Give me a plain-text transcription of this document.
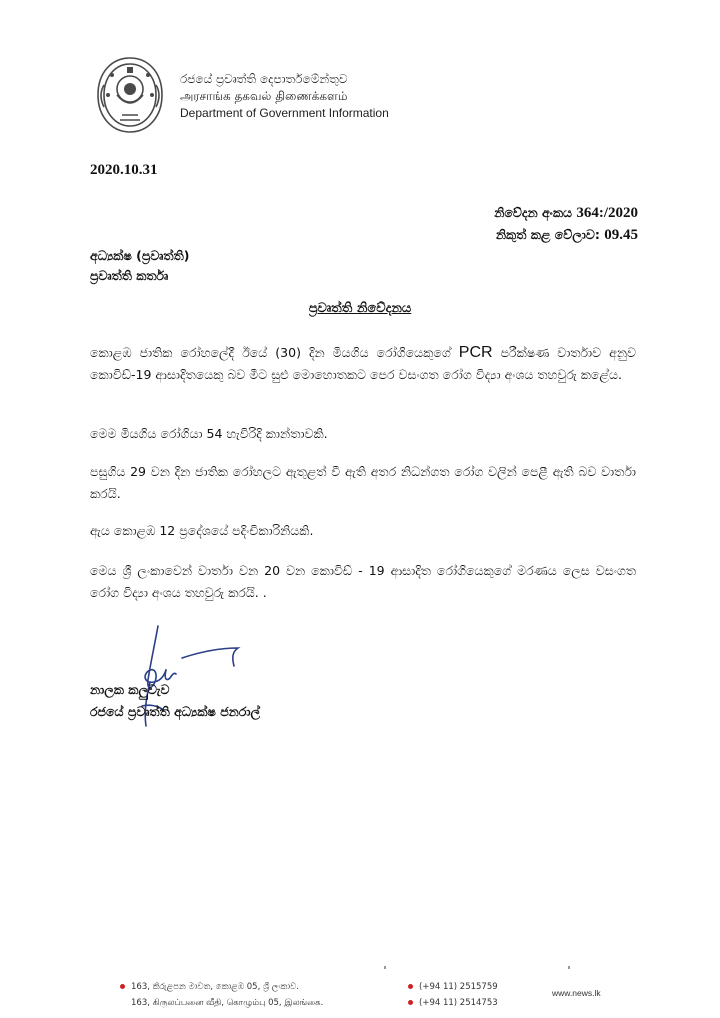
රජයේ ප්‍රවෘත්ති දෙපාර්තමේන්තුව
அரசாங்க தகவல் திணைக்களம்
Department of Government Information
2020.10.31
නිවේදන අංකය 364:/2020
නිකුත් කළ වේලාව: 09.45
අධ්‍යක්ෂ (ප්‍රවෘත්ති)
ප්‍රවෘත්ති කර්තෘ
ප්‍රවෘත්ති නිවේදනය
කොළඹ ජාතික රෝහලේදී ඊයේ (30) දින මියගිය රෝගියෙකුගේ PCR පරීක්ෂණ වාර්තාව අනුව කොවිඩ්-19 ආසාදිතයෙකු බව මීට සුළු මොහොතකට පෙර වසංගත රෝග විද්‍යා අංශය තහවුරු කළේය.
මෙම මියගිය රෝගියා 54 හැවිරිදි කාන්තාවකි.
පසුගිය 29 වන දින ජාතික රෝහලට ඇතුළත් වී ඇති අතර නිධන්ගත රෝග වලින් පෙළී ඇති බව වාර්තා කරයි.
ඇය කොළඹ 12 ප්‍රදේශයේ පදිංචිකාරිනියකි.
මෙය ශ්‍රී ලංකාවෙන් වාර්තා වන 20 වන කොවිඩ් - 19 ආසාදිත රෝගියෙකුගේ මරණය ලෙස වසංගත රෝග විද්‍යා අංශය තහවුරු කරයි. .
නාලක කලුවැව
රජයේ ප්‍රවෘත්ති අධ්‍යක්ෂ ජනරාල්
163, කිරුළපන මාවත, කොළඹ 05, ශ්‍රී ලංකාව.
163, கிருலப்பனை வீதி, கொழும்பு 05, இலங்கை.
(+94 11) 2515759
(+94 11) 2514753
www.news.lk
